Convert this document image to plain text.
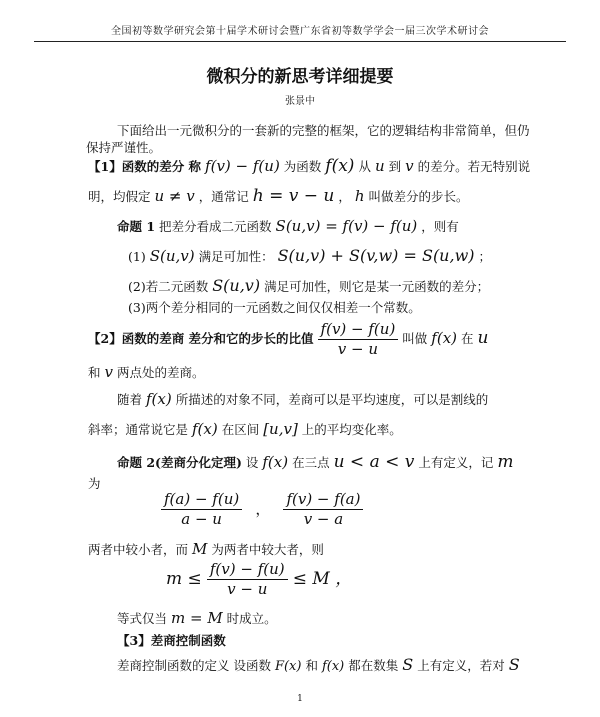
全国初等数学研究会第十届学术研讨会暨广东省初等数学学会一届三次学术研讨会
微积分的新思考详细提要
张景中
下面给出一元微积分的一套新的完整的框架，它的逻辑结构非常简单，但仍
保持严谨性。
【1】函数的差分 称 f(v) − f(u) 为函数 f(x) 从 u 到 v 的差分。若无特别说
明，均假定 u ≠ v ，通常记 h = v − u ， h 叫做差分的步长。
命题 1 把差分看成二元函数 S(u,v) = f(v) − f(u) ，则有
(1) S(u,v) 满足可加性： S(u,v) + S(v,w) = S(u,w) ；
(2)若二元函数 S(u,v) 满足可加性，则它是某一元函数的差分；
(3)两个差分相同的一元函数之间仅仅相差一个常数。
【2】函数的差商 差分和它的步长的比值 $\frac{f(v) - f(u)}{v - u}$ 叫做 f(x) 在 u
和 v 两点处的差商。
随着 f(x) 所描述的对象不同，差商可以是平均速度，可以是割线的
斜率；通常说它是 f(x) 在区间 [u,v] 上的平均变化率。
命题 2(差商分化定理) 设 f(x) 在三点 u < a < v 上有定义，记 m
为
$\frac{f(a) - f(u)}{a - u}$ ， $\frac{f(v) - f(a)}{v - a}$
两者中较小者，而 M 为两者中较大者，则
$m \le \frac{f(v) - f(u)}{v - u} \le M$ ，
等式仅当 m = M 时成立。
【3】差商控制函数
差商控制函数的定义 设函数 F(x) 和 f(x) 都在数集 S 上有定义，若对 S
1
